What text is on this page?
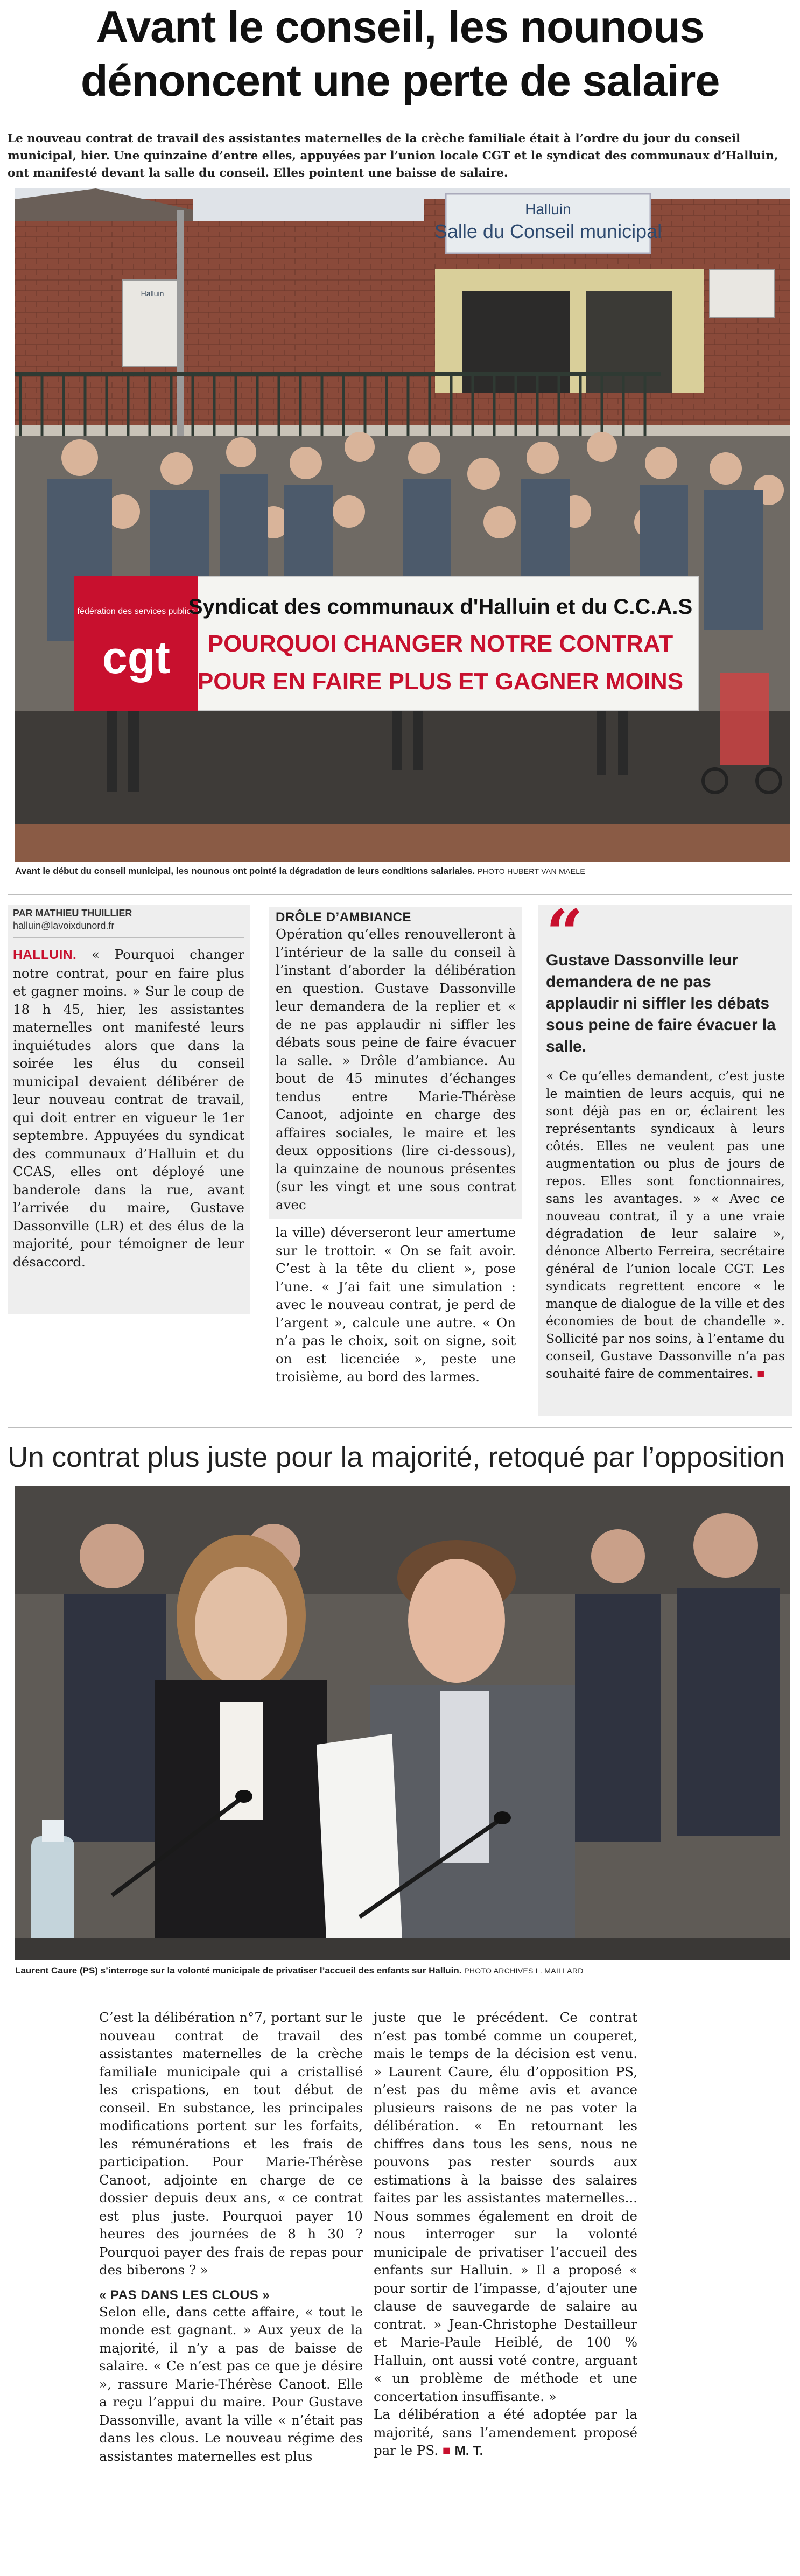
Avant le conseil, les nounous
dénoncent une perte de salaire
Le nouveau contrat de travail des assistantes maternelles de la crèche familiale était à l’ordre du jour du conseil municipal, hier. Une quinzaine d’entre elles, appuyées par l’union locale CGT et le syndicat des communaux d’Halluin, ont manifesté devant la salle du conseil. Elles pointent une baisse de salaire.
Halluin
Halluin
Salle du Conseil municipal
fédération des services publics
cgt
Syndicat des communaux d'Halluin et du C.C.A.S
POURQUOI CHANGER NOTRE CONTRAT
POUR EN FAIRE PLUS ET GAGNER MOINS
Avant le début du conseil municipal, les nounous ont pointé la dégradation de leurs conditions salariales. PHOTO HUBERT VAN MAELE
PAR MATHIEU THUILLIER
halluin@lavoixdunord.fr

HALLUIN. « Pourquoi changer notre contrat, pour en faire plus et gagner moins. » Sur le coup de 18 h 45, hier, les assistantes maternelles ont manifesté leurs inquiétudes alors que dans la soirée les élus du conseil municipal devaient délibérer de leur nouveau contrat de travail, qui doit entrer en vigueur le 1er septembre. Appuyées du syndicat des communaux d’Halluin et du CCAS, elles ont déployé une banderole dans la rue, avant l’arrivée du maire, Gustave Dassonville (LR) et des élus de la majorité, pour témoigner de leur désaccord.

DRÔLE D’AMBIANCE

Opération qu’elles renouvelleront à l’intérieur de la salle du conseil à l’instant d’aborder la délibération en question. Gustave Dassonville leur demandera de la replier et « de ne pas applaudir ni siffler les débats sous peine de faire évacuer la salle. » Drôle d’ambiance. Au bout de 45 minutes d’échanges tendus entre Marie-Thérèse Canoot, adjointe en charge des affaires sociales, le maire et les deux oppositions (lire ci-dessous), la quinzaine de nounous présentes (sur les vingt et une sous contrat avec

la ville) déverseront leur amertume sur le trottoir. « On se fait avoir. C’est à la tête du client », pose l’une. « J’ai fait une simulation : avec le nouveau contrat, je perd de l’argent », calcule une autre. « On n’a pas le choix, soit on signe, soit on est licenciée », peste une troisième, au bord des larmes.

“
Gustave Dassonville leur demandera de ne pas applaudir ni siffler les débats sous peine de faire évacuer la salle.

« Ce qu’elles demandent, c’est juste le maintien de leurs acquis, qui ne sont déjà pas en or, éclairent les représentants syndicaux à leurs côtés. Elles ne veulent pas une augmentation ou plus de jours de repos. Elles sont fonctionnaires, sans les avantages. » « Avec ce nouveau contrat, il y a une vraie dégradation de leur salaire », dénonce Alberto Ferreira, secrétaire général de l’union locale CGT. Les syndicats regrettent encore « le manque de dialogue de la ville et des économies de bout de chandelle ». Sollicité par nos soins, à l’entame du conseil, Gustave Dassonville n’a pas souhaité faire de commentaires. ■

Un contrat plus juste pour la majorité, retoqué par l’opposition
Laurent Caure (PS) s’interroge sur la volonté municipale de privatiser l’accueil des enfants sur Halluin. PHOTO ARCHIVES L. MAILLARD

C’est la délibération n°7, portant sur le nouveau contrat de travail des assistantes maternelles de la crèche familiale municipale qui a cristallisé les crispations, en tout début de conseil. En substance, les principales modifications portent sur les forfaits, les rémunérations et les frais de participation. Pour Marie-Thérèse Canoot, adjointe en charge de ce dossier depuis deux ans, « ce contrat est plus juste. Pourquoi payer 10 heures des journées de 8 h 30 ? Pourquoi payer des frais de repas pour des biberons ? »

« PAS DANS LES CLOUS »

Selon elle, dans cette affaire, « tout le monde est gagnant. » Aux yeux de la majorité, il n’y a pas de baisse de salaire. « Ce n’est pas ce que je désire », rassure Marie-Thérèse Canoot. Elle a reçu l’appui du maire. Pour Gustave Dassonville, avant la ville « n’était pas dans les clous. Le nouveau régime des assistantes maternelles est plus

juste que le précédent. Ce contrat n’est pas tombé comme un couperet, mais le temps de la décision est venu. » Laurent Caure, élu d’opposition PS, n’est pas du même avis et avance plusieurs raisons de ne pas voter la délibération. « En retournant les chiffres dans tous les sens, nous ne pouvons pas rester sourds aux estimations à la baisse des salaires faites par les assistantes maternelles... Nous sommes également en droit de nous interroger sur la volonté municipale de privatiser l’accueil des enfants sur Halluin. » Il a proposé « pour sortir de l’impasse, d’ajouter une clause de sauvegarde de salaire au contrat. » Jean-Christophe Destailleur et Marie-Paule Heiblé, de 100 % Halluin, ont aussi voté contre, arguant « un problème de méthode et une concertation insuffisante. »

La délibération a été adoptée par la majorité, sans l’amendement proposé par le PS. ■ M. T.
